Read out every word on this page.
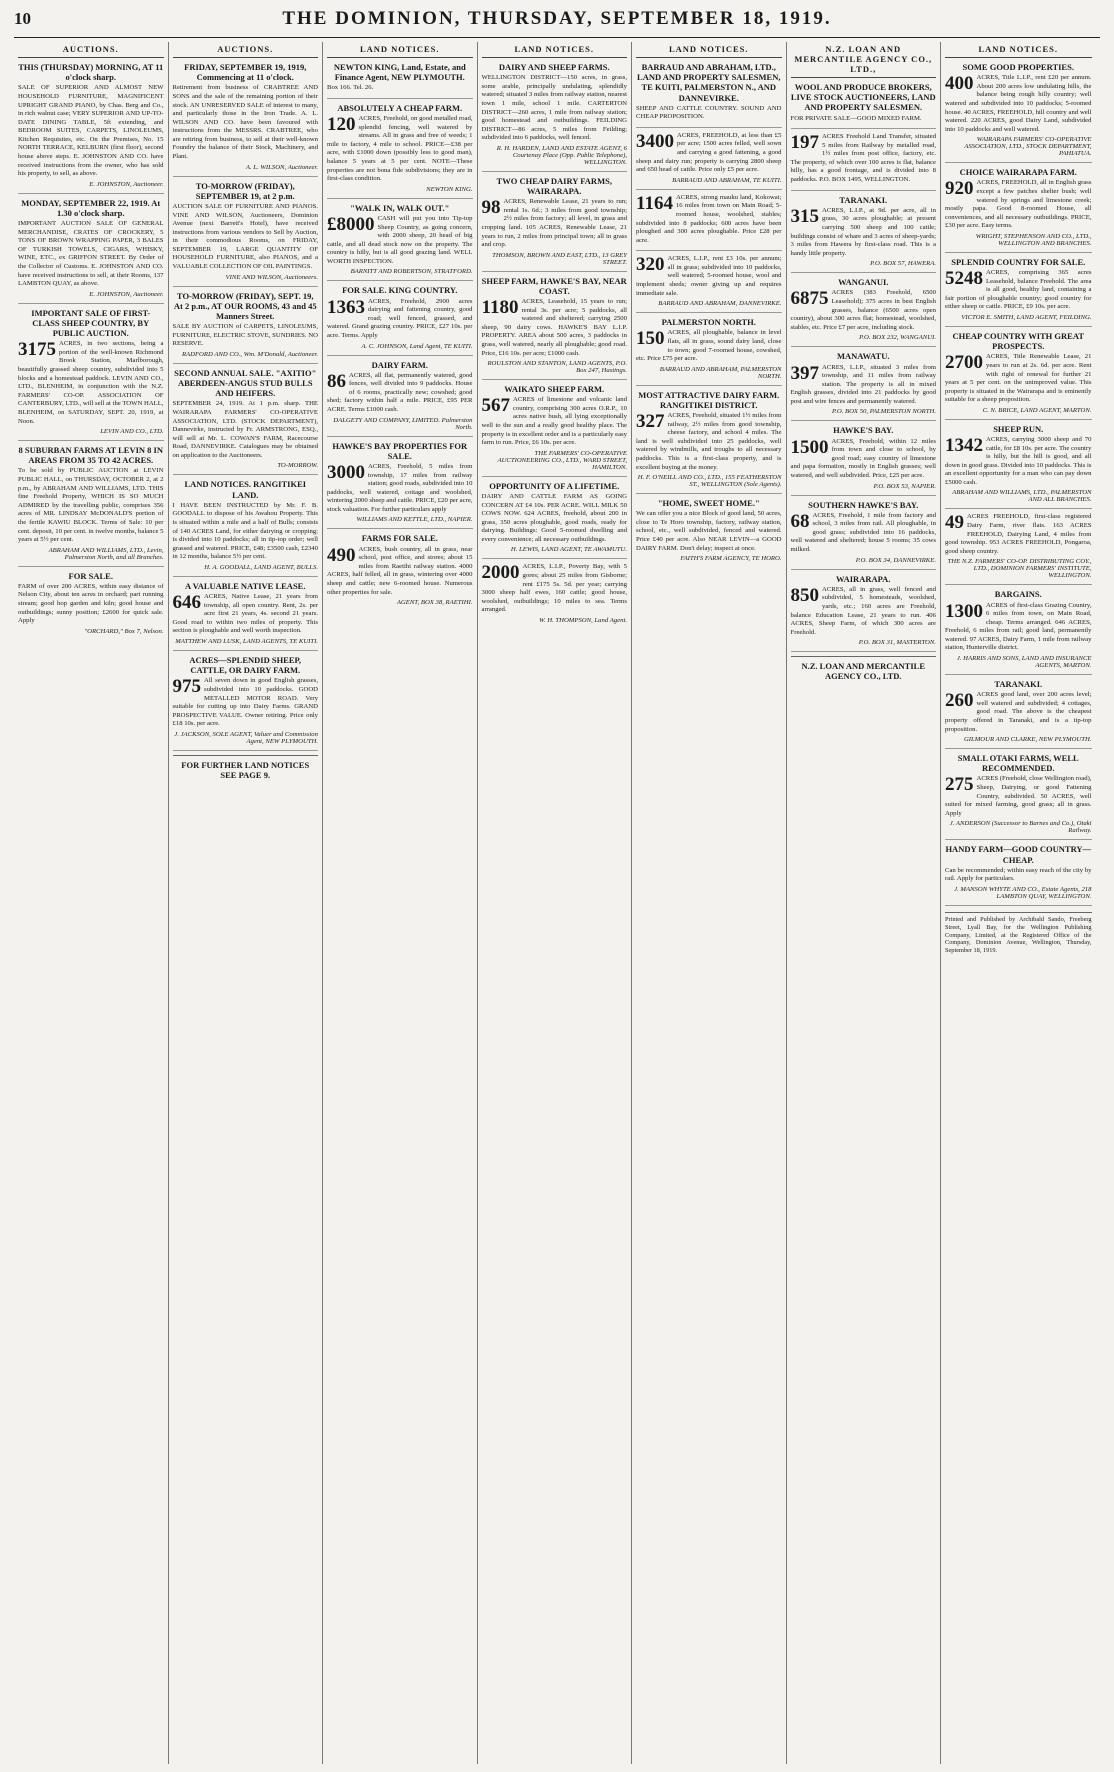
10	THE DOMINION, THURSDAY, SEPTEMBER 18, 1919.
AUCTIONS.
THIS (THURSDAY) MORNING, AT 11 o'clock sharp.

SALE OF SUPERIOR AND ALMOST NEW HOUSEHOLD FURNITURE, MAGNIFICENT UPRIGHT GRAND PIANO, by Chas. Berg and Co., in rich walnut case; VERY SUPERIOR AND UP-TO-DATE DINING TABLE, 5ft extending, and BEDROOM SUITES, CARPETS, LINOLEUMS, Kitchen Requisites, etc. On the Premises, No. 15 NORTH TERRACE, KELBURN (first floor), second house above steps. E. JOHNSTON AND CO. have received instructions from the owner, who has sold his property, to sell, as above.

E. JOHNSTON, Auctioneer.
MONDAY, SEPTEMBER 22, 1919. At 1.30 o'clock sharp.

IMPORTANT AUCTION SALE OF GENERAL MERCHANDISE, CRATES OF CROCKERY, 5 TONS OF BROWN WRAPPING PAPER, 3 BALES OF TURKISH TOWELS, CIGARS, WHISKY, WINE, ETC., ex GRIFFON STREET. By Order of the Collector of Customs. E. JOHNSTON AND CO. have received instructions to sell, at their Rooms, 137 LAMBTON QUAY, as above.

E. JOHNSTON, Auctioneer.
IMPORTANT SALE OF FIRST-CLASS SHEEP COUNTRY, BY PUBLIC AUCTION.

3175 ACRES, in two sections, being a portion of the well-known Richmond Brook Station, Marlborough, beautifully grassed sheep country, subdivided into 5 blocks and a homestead paddock. LEVIN AND CO., LTD., BLENHEIM, in conjunction with the N.Z. FARMERS' CO-OP. ASSOCIATION OF CANTERBURY, LTD., will sell at the TOWN HALL, BLENHEIM, on SATURDAY, SEPT. 20, 1919, at Noon.

LEVIN AND CO., LTD.
8 SUBURBAN FARMS AT LEVIN 8 IN AREAS FROM 35 TO 42 ACRES.

To be sold by PUBLIC AUCTION at LEVIN PUBLIC HALL, on THURSDAY, OCTOBER 2, at 2 p.m., by ABRAHAM AND WILLIAMS, LTD. THIS fine Freehold Property, WHICH IS SO MUCH ADMIRED by the travelling public, comprises 356 acres of MR. LINDSAY McDONALD'S portion of the fertile KAWIU BLOCK. Terms of Sale: 10 per cent. deposit, 10 per cent. in twelve months, balance 5 years at 5½ per cent.

ABRAHAM AND WILLIAMS, LTD., Levin, Palmerston North, and all Branches.
FOR SALE.

FARM of over 200 ACRES, within easy distance of Nelson City, about ten acres in orchard; part running stream; good hop garden and kiln; good house and outbuildings; sunny position; £2600 for quick sale. Apply

"ORCHARD," Box 7, Nelson.
AUCTIONS.
FRIDAY, SEPTEMBER 19, 1919, Commencing at 11 o'clock.

Retirement from business of CRABTREE AND SONS and the sale of the remaining portion of their stock. AN UNRESERVED SALE of interest to many, and particularly those in the Iron Trade. A. L. WILSON AND CO. have been favoured with instructions from the MESSRS. CRABTREE, who are retiring from business, to sell at their well-known Foundry the balance of their Stock, Machinery, and Plant.

A. L. WILSON, Auctioneer.
TO-MORROW (FRIDAY), SEPTEMBER 19, at 2 p.m.

AUCTION SALE OF FURNITURE AND PIANOS. VINE AND WILSON, Auctioneers, Dominion Avenue (next Barrett's Hotel), have received instructions from various vendors to Sell by Auction, in their commodious Rooms, on FRIDAY, SEPTEMBER 19, LARGE QUANTITY OF HOUSEHOLD FURNITURE, also PIANOS, and a VALUABLE COLLECTION OF OIL PAINTINGS.

VINE AND WILSON, Auctioneers.
TO-MORROW (FRIDAY), SEPT. 19, At 2 p.m., AT OUR ROOMS, 43 and 45 Manners Street.

SALE BY AUCTION of CARPETS, LINOLEUMS, FURNITURE, ELECTRIC STOVE, SUNDRIES. NO RESERVE.

RADFORD AND CO., Wm. M'Donald, Auctioneer.
SECOND ANNUAL SALE. "AXITIO" ABERDEEN-ANGUS STUD BULLS AND HEIFERS.

SEPTEMBER 24, 1919. At 1 p.m. sharp. THE WAIRARAPA FARMERS' CO-OPERATIVE ASSOCIATION, LTD. (STOCK DEPARTMENT), Dannevirke, instructed by Fr. ARMSTRONG, ESQ., will sell at Mr. L. COWAN'S FARM, Racecourse Road, DANNEVIRKE. Catalogues may be obtained on application to the Auctioneers.

TO-MORROW.
LAND NOTICES. RANGITIKEI LAND.

I HAVE BEEN INSTRUCTED by Mr. F. B. GOODALL to dispose of his Awahou Property. This is situated within a mile and a half of Bulls; consists of 140 ACRES Land, for either dairying or cropping; is divided into 10 paddocks; all in tip-top order; well grassed and watered. PRICE, £48; £3500 cash, £2340 in 12 months, balance 5½ per cent.

H. A. GOODALL, LAND AGENT, BULLS.
A VALUABLE NATIVE LEASE.

646 ACRES, Native Lease, 21 years from township, all open country. Rent, 2s. per acre first 21 years, 4s. second 21 years. Good road to within two miles of property. This section is ploughable and well worth inspection.

MATTHEW AND LUSK, LAND AGENTS, TE KUITI.
ACRES—SPLENDID SHEEP, CATTLE, OR DAIRY FARM.

975 All seven down in good English grasses, subdivided into 10 paddocks. GOOD METALLED MOTOR ROAD. Very suitable for cutting up into Dairy Farms. GRAND PROSPECTIVE VALUE. Owner retiring. Price only £18 10s. per acre.

J. JACKSON, SOLE AGENT, Valuer and Commission Agent, NEW PLYMOUTH.
FOR FURTHER LAND NOTICES SEE PAGE 9.
LAND NOTICES.
NEWTON KING, Land, Estate, and Finance Agent, NEW PLYMOUTH.

Box 166. Tel. 26.

ABSOLUTELY A CHEAP FARM.

120 ACRES, Freehold, on good metalled road, splendid fencing, well watered by streams. All in grass and free of weeds; 1 mile to factory, 4 mile to school. PRICE—£38 per acre, with £1000 down (possibly less to good man), balance 5 years at 5 per cent. NOTE—These properties are not bona fide subdivisions; they are in first-class condition.

NEWTON KING.
"WALK IN, WALK OUT."

£8000 CASH will put you into Tip-top Sheep Country, as going concern, with 2000 sheep, 20 head of big cattle, and all dead stock now on the property. The country is hilly, but is all good grazing land. WELL WORTH INSPECTION.

BARNITT AND ROBERTSON, STRATFORD.
FOR SALE. KING COUNTRY.

1363 ACRES, Freehold, 2900 acres dairying and fattening country, good road; well fenced, grassed, and watered. Grand grazing country. PRICE, £27 10s. per acre. Terms. Apply

A. C. JOHNSON, Land Agent, TE KUITI.
DAIRY FARM.

86 ACRES, all flat, permanently watered, good fences, well divided into 9 paddocks. House of 6 rooms, practically new; cowshed; good shed; factory within half a mile. PRICE, £95 PER ACRE. Terms £1000 cash.

DALGETY AND COMPANY, LIMITED. Palmerston North.
HAWKE'S BAY PROPERTIES FOR SALE.

3000 ACRES, Freehold, 5 miles from township, 17 miles from railway station; good roads, subdivided into 10 paddocks, well watered, cottage and woolshed, wintering 2000 sheep and cattle. PRICE, £20 per acre, stock valuation. For further particulars apply

WILLIAMS AND KETTLE, LTD., NAPIER.
FARMS FOR SALE.

490 ACRES, bush country, all in grass, near school, post office, and stores; about 15 miles from Raetihi railway station. 4000 ACRES, half felled, all in grass, wintering over 4000 sheep and cattle; new 6-roomed house. Numerous other properties for sale.

AGENT, BOX 38, RAETIHI.
LAND NOTICES.
DAIRY AND SHEEP FARMS.

WELLINGTON DISTRICT—150 acres, in grass, some arable, principally undulating, splendidly watered; situated 3 miles from railway station, nearest town 1 mile, school 1 mile. CARTERTON DISTRICT—260 acres, 1 mile from railway station; good homestead and outbuildings. FEILDING DISTRICT—86 acres, 5 miles from Feilding; subdivided into 6 paddocks, well fenced.

R. H. HARDEN, LAND AND ESTATE AGENT, 6 Courtenay Place (Opp. Public Telephone), WELLINGTON.
TWO CHEAP DAIRY FARMS, WAIRARAPA.

98 ACRES, Renewable Lease, 21 years to run; rental 1s. 6d.; 3 miles from good township; 2½ miles from factory; all level, in grass and cropping land. 105 ACRES, Renewable Lease, 21 years to run, 2 miles from principal town; all in grass and crop.

THOMSON, BROWN AND EAST, LTD., 13 GREY STREET.
SHEEP FARM, HAWKE'S BAY, NEAR COAST.

1180 ACRES, Leasehold, 15 years to run; rental 3s. per acre; 5 paddocks, all watered and sheltered; carrying 2500 sheep, 90 dairy cows. HAWKE'S BAY L.I.P. PROPERTY. AREA about 500 acres, 3 paddocks in grass, well watered, nearly all ploughable; good road. Price, £16 10s. per acre; £1000 cash.

ROULSTON AND STANTON, LAND AGENTS, P.O. Box 247, Hastings.
WAIKATO SHEEP FARM.

567 ACRES of limestone and volcanic land country, comprising 300 acres O.R.P., 10 acres native bush, all lying exceptionally well to the sun and a really good healthy place. The property is in excellent order and is a particularly easy farm to run. Price, £6 10s. per acre.

THE FARMERS' CO-OPERATIVE AUCTIONEERING CO., LTD., WARD STREET, HAMILTON.
OPPORTUNITY OF A LIFETIME.

DAIRY AND CATTLE FARM AS GOING CONCERN AT £4 10s. PER ACRE. WILL MILK 50 COWS NOW. 624 ACRES, freehold, about 200 in grass, 350 acres ploughable, good roads, ready for dairying. Buildings: Good 5-roomed dwelling and every convenience; all necessary outbuildings.

H. LEWIS, LAND AGENT, TE AWAMUTU.

2000 ACRES, L.I.P., Poverty Bay, with 5 gores; about 25 miles from Gisborne; rent £175 5s. 5d. per year; carrying 3000 sheep half ewes, 160 cattle; good house, woolshed, outbuildings; 10 miles to sea. Terms arranged.

W. H. THOMPSON, Land Agent.
LAND NOTICES.
BARRAUD AND ABRAHAM, LTD., LAND AND PROPERTY SALESMEN, TE KUITI, PALMERSTON N., AND DANNEVIRKE.

SHEEP AND CATTLE COUNTRY. SOUND AND CHEAP PROPOSITION.

3400 ACRES, FREEHOLD, at less than £5 per acre; 1500 acres felled, well sown and carrying a good fattening, a good sheep and dairy run; property is carrying 2800 sheep and 650 head of cattle. Price only £5 per acre.

BARRAUD AND ABRAHAM, TE KUITI.

1164 ACRES, strong mauku land, Kokowai; 16 miles from town on Main Road; 5-roomed house, woolshed, stables; subdivided into 8 paddocks; 600 acres have been ploughed and 300 acres ploughable. Price £28 per acre.

320 ACRES, L.I.P., rent £3 10s. per annum; all in grass; subdivided into 10 paddocks, well watered; 5-roomed house, wool and implement sheds; owner giving up and requires immediate sale.

BARRAUD AND ABRAHAM, DANNEVIRKE.
PALMERSTON NORTH.

150 ACRES, all ploughable, balance in level flats, all in grass, sound dairy land, close to town; good 7-roomed house, cowshed, etc. Price £75 per acre.

BARRAUD AND ABRAHAM, PALMERSTON NORTH.
MOST ATTRACTIVE DAIRY FARM. RANGITIKEI DISTRICT.

327 ACRES, Freehold, situated 1½ miles from railway, 2½ miles from good township, cheese factory, and school 4 miles. The land is well subdivided into 25 paddocks, well watered by windmills, and troughs to all necessary paddocks. This is a first-class property, and is excellent buying at the money.

H. F. O'NEILL AND CO., LTD., 155 FEATHERSTON ST., WELLINGTON (Sole Agents).
"HOME, SWEET HOME."

We can offer you a nice Block of good land, 50 acres, close to Te Horo township, factory, railway station, school, etc., well subdivided, fenced and watered. Price £40 per acre. Also NEAR LEVIN—a GOOD DAIRY FARM. Don't delay; inspect at once.

FAITH'S FARM AGENCY, TE HORO.
N.Z. LOAN AND MERCANTILE AGENCY CO., LTD.,
WOOL AND PRODUCE BROKERS, LIVE STOCK AUCTIONEERS, LAND AND PROPERTY SALESMEN.

FOR PRIVATE SALE—GOOD MIXED FARM.

197 ACRES Freehold Land Transfer, situated 5 miles from Railway by metalled road, 1½ miles from post office, factory, etc. The property, of which over 100 acres is flat, balance hilly, has a good frontage, and is divided into 8 paddocks. P.O. BOX 1495, WELLINGTON.

TARANAKI.

315 ACRES, L.I.P., at 9d. per acre, all in grass, 30 acres ploughable; at present carrying 500 sheep and 100 cattle; buildings consist of whare and 3 acres of sheep-yards; 3 miles from Hawera by first-class road. This is a handy little property.

P.O. BOX 57, HAWERA.
WANGANUI.

6875 ACRES (383 Freehold, 6500 Leasehold); 375 acres in best English grasses, balance (6500 acres open country), about 300 acres flat; homestead, woolshed, stables, etc. Price £7 per acre, including stock.

P.O. BOX 232, WANGANUI.
MANAWATU.

397 ACRES, L.I.P., situated 3 miles from township, and 11 miles from railway station. The property is all in mixed English grasses, divided into 21 paddocks by good post and wire fences and permanently watered.

P.O. BOX 50, PALMERSTON NORTH.
HAWKE'S BAY.

1500 ACRES, Freehold, within 12 miles from town and close to school, by good road; easy country of limestone and papa formation, mostly in English grasses; well watered, and well subdivided. Price, £25 per acre.

P.O. BOX 53, NAPIER.
SOUTHERN HAWKE'S BAY.

68 ACRES, Freehold, 1 mile from factory and school, 3 miles from rail. All ploughable, in good grass; subdivided into 16 paddocks, well watered and sheltered; house 5 rooms; 35 cows milked.

P.O. BOX 34, DANNEVIRKE.
WAIRARAPA.

850 ACRES, all in grass, well fenced and subdivided, 5 homesteads, woolshed, yards, etc.; 160 acres are Freehold, balance Education Lease, 21 years to run. 406 ACRES, Sheep Farm, of which 300 acres are Freehold.

P.O. BOX 31, MASTERTON.
N.Z. LOAN AND MERCANTILE AGENCY CO., LTD.
LAND NOTICES.
SOME GOOD PROPERTIES.

400 ACRES, Title L.I.P., rent £20 per annum. About 200 acres low undulating hills, the balance being rough hilly country; well watered and subdivided into 10 paddocks; 5-roomed house. 40 ACRES, FREEHOLD, hill country and well watered. 220 ACRES, good Dairy Land, subdivided into 10 paddocks and well watered.

WAIRARAPA FARMERS' CO-OPERATIVE ASSOCIATION, LTD., STOCK DEPARTMENT, PAHIATUA.
CHOICE WAIRARAPA FARM.

920 ACRES, FREEHOLD, all in English grass except a few patches shelter bush; well watered by springs and limestone creek; mostly papa. Good 8-roomed House, all conveniences, and all necessary outbuildings. PRICE, £30 per acre. Easy terms.

WRIGHT, STEPHENSON AND CO., LTD., WELLINGTON AND BRANCHES.
SPLENDID COUNTRY FOR SALE.

5248 ACRES, comprising 365 acres Leasehold, balance Freehold. The area is all good, healthy land, containing a fair portion of ploughable country; good country for either sheep or cattle. PRICE, £9 10s. per acre.

VICTOR E. SMITH, LAND AGENT, FEILDING.
CHEAP COUNTRY WITH GREAT PROSPECTS.

2700 ACRES, Title Renewable Lease, 21 years to run at 2s. 6d. per acre. Rent with right of renewal for further 21 years at 5 per cent. on the unimproved value. This property is situated in the Wairarapa and is eminently suitable for a sheep proposition.

C. N. BRICE, LAND AGENT, MARTON.
SHEEP RUN.

1342 ACRES, carrying 3000 sheep and 70 cattle, for £8 10s. per acre. The country is hilly, but the hill is good, and all down in good grass. Divided into 10 paddocks. This is an excellent opportunity for a man who can pay down £5000 cash.

ABRAHAM AND WILLIAMS, LTD., PALMERSTON AND ALL BRANCHES.

49 ACRES FREEHOLD, first-class registered Dairy Farm, river flats. 163 ACRES FREEHOLD, Dairying Land, 4 miles from good township. 953 ACRES FREEHOLD, Pongaroa, good sheep country.

THE N.Z. FARMERS' CO-OP. DISTRIBUTING COY., LTD., DOMINION FARMERS' INSTITUTE, WELLINGTON.
BARGAINS.

1300 ACRES of first-class Grazing Country, 6 miles from town, on Main Road, cheap. Terms arranged. 646 ACRES, Freehold, 6 miles from rail; good land, permanently watered. 97 ACRES, Dairy Farm, 1 mile from railway station, Hunterville district.

J. HARRIS AND SONS, LAND AND INSURANCE AGENTS, MARTON.
TARANAKI.

260 ACRES good land, over 200 acres level; well watered and subdivided; 4 cottages, good road. The above is the cheapest property offered in Taranaki, and is a tip-top proposition.

GILMOUR AND CLARKE, NEW PLYMOUTH.
SMALL OTAKI FARMS, WELL RECOMMENDED.

275 ACRES (Freehold, close Wellington road), Sheep, Dairying, or good Fattening Country, subdivided. 50 ACRES, well suited for mixed farming, good grass; all in grass. Apply

J. ANDERSON (Successor to Barnes and Co.), Otaki Railway.
HANDY FARM—GOOD COUNTRY—CHEAP.

Can be recommended; within easy reach of the city by rail. Apply for particulars.

J. MANSON WHYTE AND CO., Estate Agents, 218 LAMBTON QUAY, WELLINGTON.
Printed and Published by Archibald Sando, Freeberg Street, Lyall Bay, for the Wellington Publishing Company, Limited, at the Registered Office of the Company, Dominion Avenue, Wellington, Thursday, September 18, 1919.
